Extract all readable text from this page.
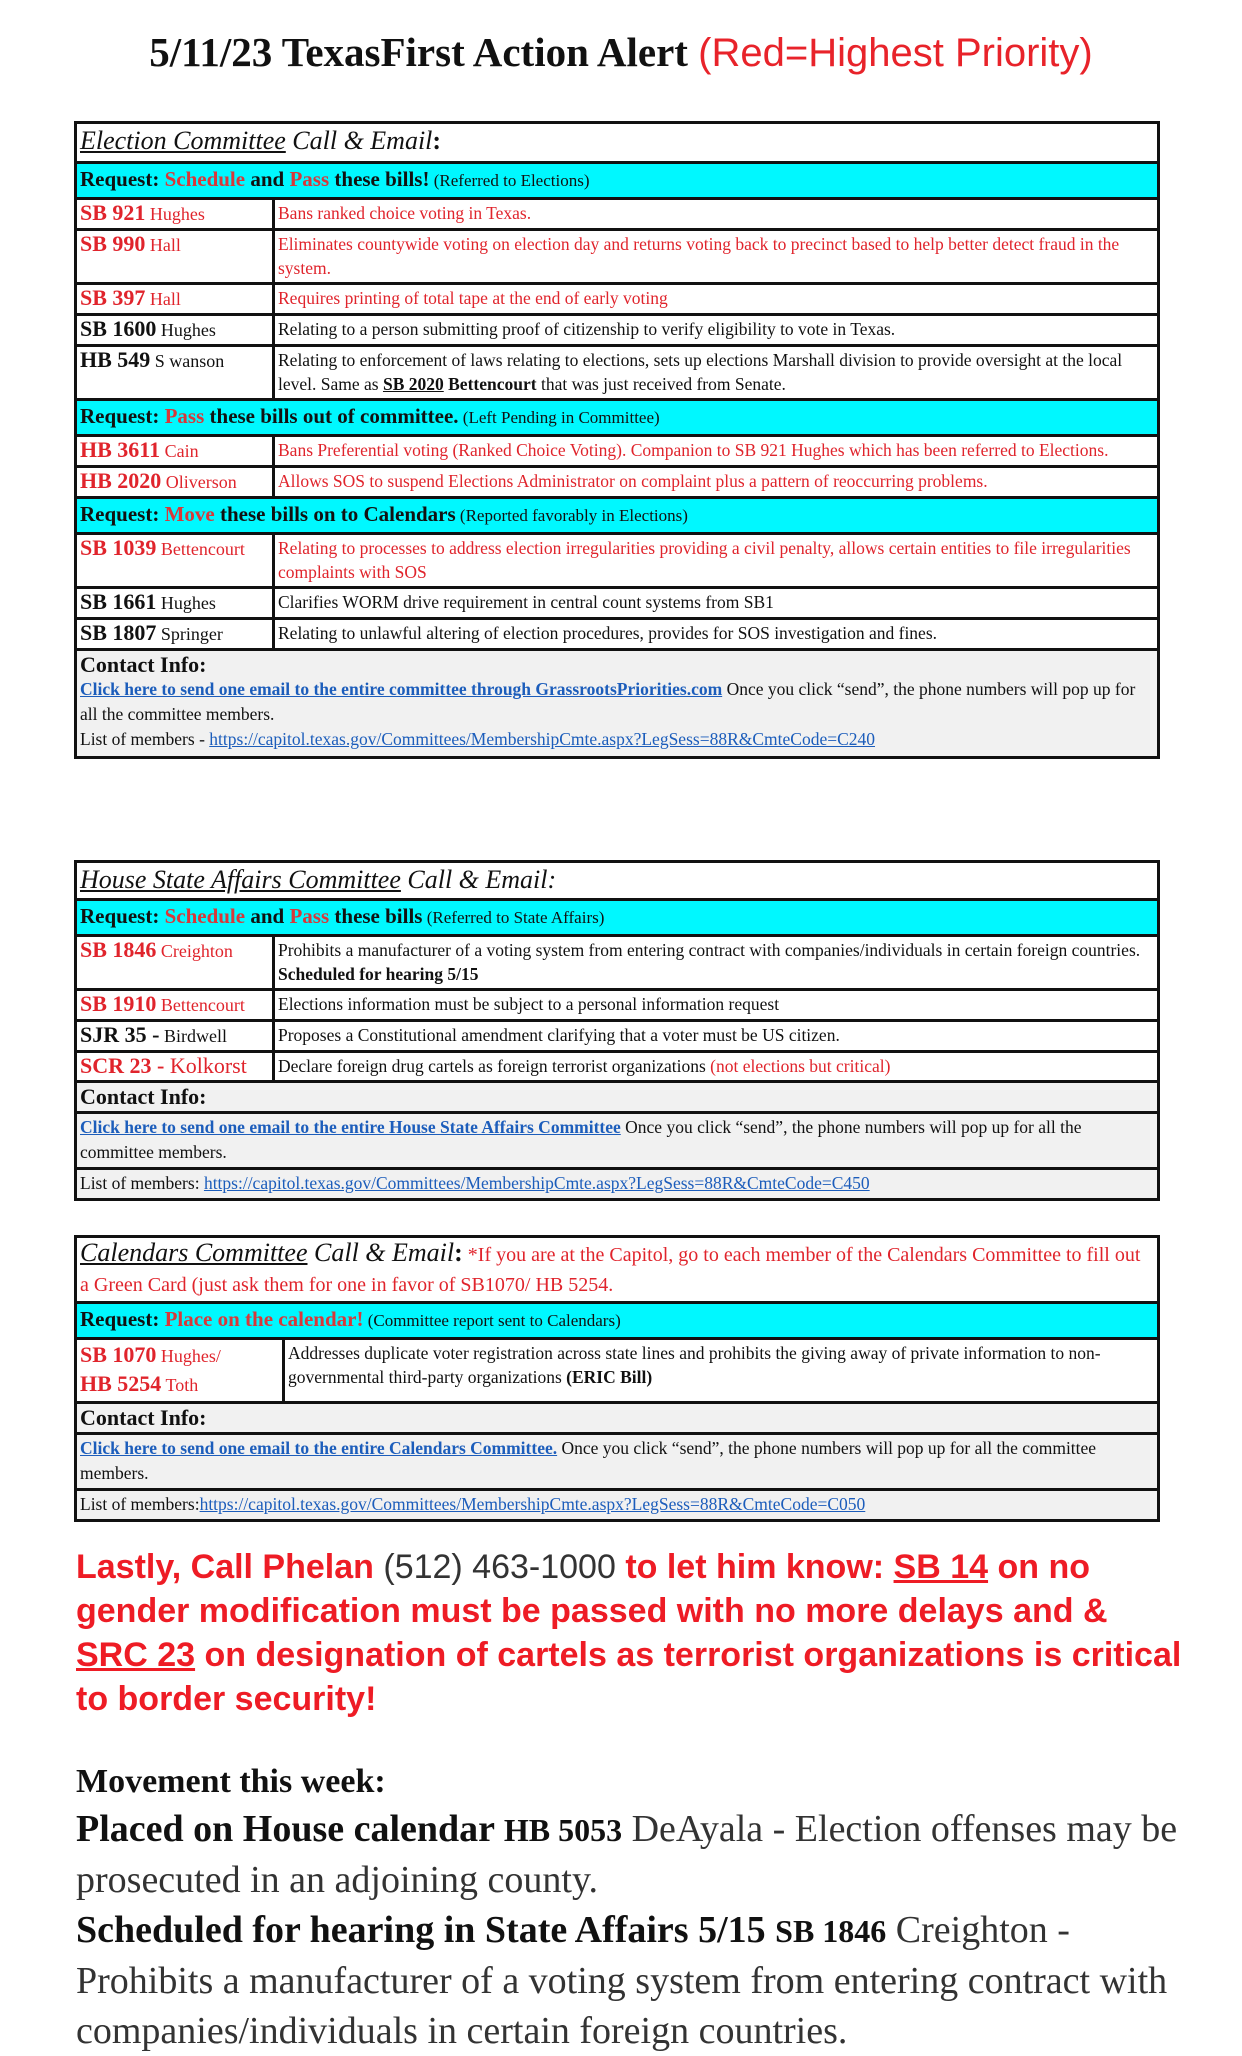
5/11/23 TexasFirst Action Alert (Red=Highest Priority)
Election Committee Call & Email:	
Request: Schedule and Pass these bills! (Referred to Elections)	
SB 921 Hughes	Bans ranked choice voting in Texas.
SB 990 Hall	Eliminates countywide voting on election day and returns voting back to precinct based to help better detect fraud in the system.
SB 397 Hall	Requires printing of total tape at the end of early voting
SB 1600 Hughes	Relating to a person submitting proof of citizenship to verify eligibility to vote in Texas.
HB 549 S wanson	Relating to enforcement of laws relating to elections, sets up elections Marshall division to provide oversight at the local level. Same as SB 2020 Bettencourt that was just received from Senate.
Request: Pass these bills out of committee. (Left Pending in Committee)	
HB 3611 Cain	Bans Preferential voting (Ranked Choice Voting). Companion to SB 921 Hughes which has been referred to Elections.
HB 2020 Oliverson	Allows SOS to suspend Elections Administrator on complaint plus a pattern of reoccurring problems.
Request: Move these bills on to Calendars (Reported favorably in Elections)	
SB 1039 Bettencourt	Relating to processes to address election irregularities providing a civil penalty, allows certain entities to file irregularities complaints with SOS
SB 1661 Hughes	Clarifies WORM drive requirement in central count systems from SB1
SB 1807 Springer	Relating to unlawful altering of election procedures, provides for SOS investigation and fines.

Contact Info:
Click here to send one email to the entire committee through GrassrootsPriorities.com Once you click “send”, the phone numbers will pop up for all the committee members.
List of members - https://capitol.texas.gov/Committees/MembershipCmte.aspx?LegSess=88R&CmteCode=C240	
House State Affairs Committee Call & Email:	
Request: Schedule and Pass these bills (Referred to State Affairs)	
SB 1846 Creighton	Prohibits a manufacturer of a voting system from entering contract with companies/individuals in certain foreign countries. Scheduled for hearing 5/15
SB 1910 Bettencourt	Elections information must be subject to a personal information request
SJR 35 - Birdwell	Proposes a Constitutional amendment clarifying that a voter must be US citizen.
SCR 23 - Kolkorst	Declare foreign drug cartels as foreign terrorist organizations (not elections but critical)

Contact Info:	

Click here to send one email to the entire House State Affairs Committee Once you click “send”, the phone numbers will pop up for all the committee members.	
List of members: https://capitol.texas.gov/Committees/MembershipCmte.aspx?LegSess=88R&CmteCode=C450	
Calendars Committee Call & Email: *If you are at the Capitol, go to each member of the Calendars Committee to fill out a Green Card (just ask them for one in favor of SB1070/ HB 5254.
Request: Place on the calendar! (Committee report sent to Calendars)
SB 1070 Hughes/
HB 5254 Toth	Addresses duplicate voter registration across state lines and prohibits the giving away of private information to non-governmental third-party organizations (ERIC Bill)

Contact Info:

Click here to send one email to the entire Calendars Committee. Once you click “send”, the phone numbers will pop up for all the committee members.
List of members:https://capitol.texas.gov/Committees/MembershipCmte.aspx?LegSess=88R&CmteCode=C050
Lastly, Call Phelan (512) 463-1000 to let him know: SB 14 on no gender modification must be passed with no more delays and & SRC 23 on designation of cartels as terrorist organizations is critical to border security!
Movement this week:

Placed on House calendar HB 5053 DeAyala - Election offenses may be prosecuted in an adjoining county.

Scheduled for hearing in State Affairs 5/15 SB 1846 Creighton - Prohibits a manufacturer of a voting system from entering contract with companies/individuals in certain foreign countries.
